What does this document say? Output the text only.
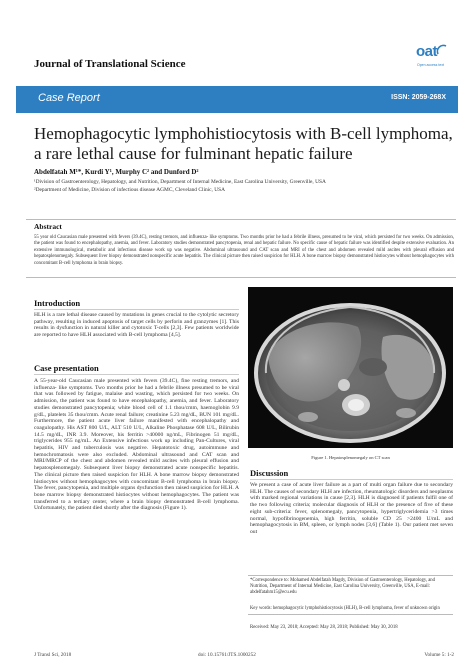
Journal of Translational Science
oat
Open access text
Case Report	ISSN: 2059-268X
Hemophagocytic lymphohistiocytosis with B-cell lymphoma, a rare lethal cause for fulminant hepatic failure
Abdelfatah M¹*, Kurdi Y¹, Murphy C² and Dunford D²
¹Division of Gastroenterology, Hepatology, and Nutrition, Department of Internal Medicine, East Carolina University, Greenville, USA
²Department of Medicine, Division of infectious disease AGMC, Cleveland Clinic, USA
Abstract
55 year old Caucasian male presented with fevers (39.4C), resting tremors, and influenza- like symptoms. Two months prior he had a febrile illness, presumed to be viral, which persisted for two weeks. On admission, the patient was found to encephalopathy, anemia, and fever. Laboratory studies demonstrated pancytopenia, renal and hepatic failure. No specific cause of hepatic failure was identified despite extensive evaluation. An extensive immunological, metabolic and infectious disease work up was negative. Abdominal ultrasound and CAT scan and MRI of the chest and abdomen revealed mild ascites with pleural effusion and hepatosplenomegaly. Subsequent liver biopsy demonstrated nonspecific acute hepatitis. The clinical picture then raised suspicion for HLH. A bone marrow biopsy demonstrated histiocytes without hemophagocytes with concomitant B-cell lymphoma in brain biopsy.
Introduction
HLH is a rare lethal disease caused by mutations in genes crucial to the cytolytic secretory pathway, resulting in induced apoptosis of target cells by perforin and granzymes [1]. This results in dysfunction in natural killer and cytotoxic T-cells [2,3]. Few patients worldwide are reported to have HLH associated with B-cell lymphoma [4,5].
Case presentation
A 55-year-old Caucasian male presented with fevers (39.4C), fine resting tremors, and influenza- like symptoms. Two months prior he had a febrile illness presumed to be viral that was followed by fatigue, malaise and wasting, which persisted for two weeks. On admission, the patient was found to have encephalopathy, anemia, and fever. Laboratory studies demonstrated pancytopenia; white blood cell of 1.1 thou/cmm, haemoglobin 9.9 g/dL, platelets 35 thou/cmm. Acute renal failure; creatinine 5.23 mg/dL, BUN 101 mg/dL. Furthermore, the patient acute liver failure manifested with encephalopathy and coagulopathy. His AST 800 U/L, ALT 510 U/L, Alkaline Phosphatase 608 U/L, Bilirubin 14.5 mg/dL, INR 3.9. Moreover, his ferritin >40000 ng/mL, Fibrinogen 51 mg/dL, triglycerides 955 ng/mL. An Extensive infectious work up including Pan-Cultures, viral hepatitis, HIV and tuberculosis was negative. Hepatotoxic drug, autoimmune and hemochromatosis were also excluded. Abdominal ultrasound and CAT scan and MRI/MRCP of the chest and abdomen revealed mild ascites with pleural effusion and hepatosplenomegaly. Subsequent liver biopsy demonstrated acute nonspecific hepatitis. The clinical picture then raised suspicion for HLH. A bone marrow biopsy demonstrated histiocytes without hemophagocytes with concomitant B-cell lymphoma in brain biopsy. The fever, pancytopenia, and multiple organs dysfunction then raised suspicion for HLH. A bone marrow biopsy demonstrated histiocytes without hemophagocytes. The patient was transferred to a tertiary center, where a brain biopsy demonstrated B-cell lymphoma. Unfortunately, the patient died shortly after the diagnosis (Figure 1).
Figure 1. Hepatosplenomegaly on CT scan
Discussion
We present a case of acute liver failure as a part of multi organ failure due to secondary HLH. The causes of secondary HLH are infection, rheumatologic disorders and neoplasms with marked regional variations in cause [2,3]. HLH is diagnosed if patients fulfil one of the two following criteria; molecular diagnosis of HLH or the presence of five of these eight sub-criteria: fever, splenomegaly, pancytopenia, hypertriglyceridemia >3 times normal, hypofibrinogenemia, high ferritin, soluble CD 25 >2400 U/mL and hemophagocytosis in BM, spleen, or lymph nodes [3,6] (Table 1). Our patient met seven out
*Correspondence to: Mohamed Abdelfatah Magdy, Division of Gastroenterology, Hepatology, and Nutrition, Department of Internal Medicine, East Carolina University, Greenville, USA, E-mail: abdelfatahm15@ecu.edu
Key words: hemophagocytic lymphohistiocytosis (HLH), B-cell lymphoma, fever of unknown origin
Received: May 23, 2018; Accepted: May 28, 2018; Published: May 30, 2018
J Transl Sci, 2018	doi: 10.15761/JTS.1000252	Volume 5: 1-2
